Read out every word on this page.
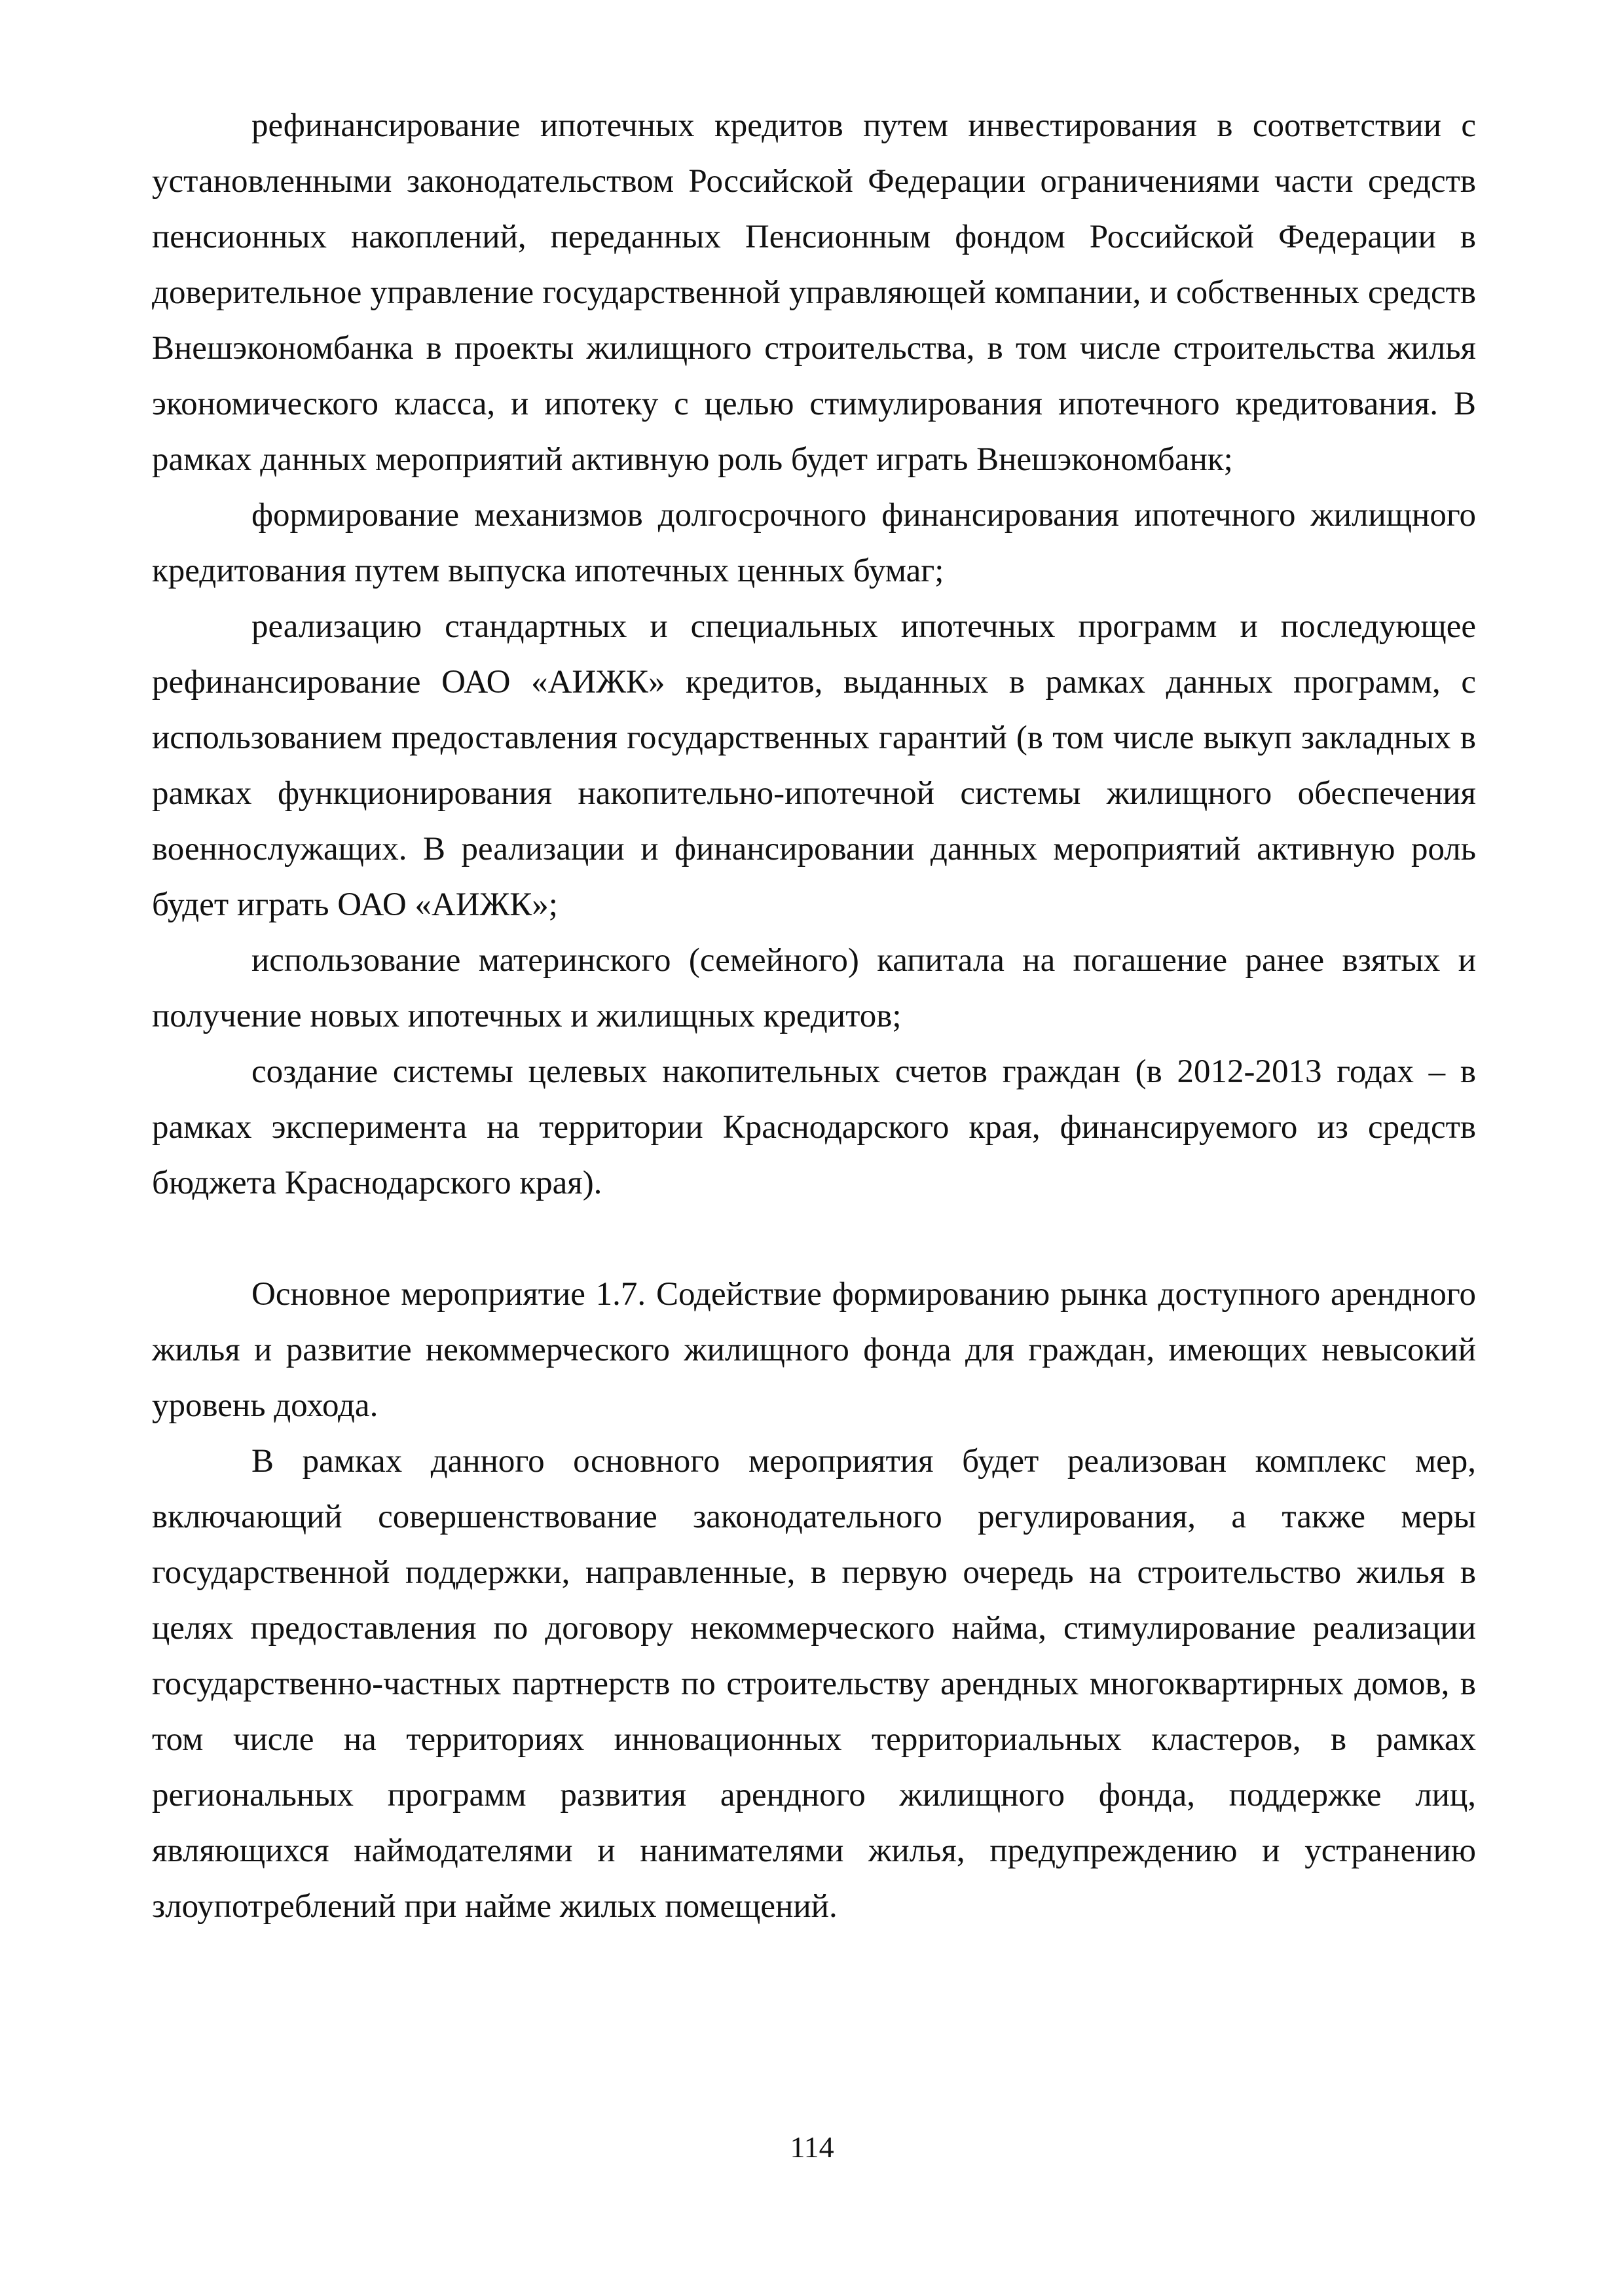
рефинансирование ипотечных кредитов путем инвестирования в соответствии с установленными законодательством Российской Федерации ограничениями части средств пенсионных накоплений, переданных Пенсионным фондом Российской Федерации в доверительное управление государственной управляющей компании, и собственных средств Внешэкономбанка в проекты жилищного строительства, в том числе строительства жилья экономического класса, и ипотеку с целью стимулирования ипотечного кредитования. В рамках данных мероприятий активную роль будет играть Внешэкономбанк;

формирование механизмов долгосрочного финансирования ипотечного жилищного кредитования путем выпуска ипотечных ценных бумаг;

реализацию стандартных и специальных ипотечных программ и последующее рефинансирование ОАО «АИЖК» кредитов, выданных в рамках данных программ, с использованием предоставления государственных гарантий (в том числе выкуп закладных в рамках функционирования накопительно-ипотечной системы жилищного обеспечения военнослужащих. В реализации и финансировании данных мероприятий активную роль будет играть ОАО «АИЖК»;

использование материнского (семейного) капитала на погашение ранее взятых и получение новых ипотечных и жилищных кредитов;

создание системы целевых накопительных счетов граждан (в 2012-2013 годах – в рамках эксперимента на территории Краснодарского края, финансируемого из средств бюджета Краснодарского края).

Основное мероприятие 1.7. Содействие формированию рынка доступного арендного жилья и развитие некоммерческого жилищного фонда для граждан, имеющих невысокий уровень дохода.

В рамках данного основного мероприятия будет реализован комплекс мер, включающий совершенствование законодательного регулирования, а также меры государственной поддержки, направленные, в первую очередь на строительство жилья в целях предоставления по договору некоммерческого найма, стимулирование реализации государственно-частных партнерств по строительству арендных многоквартирных домов, в том числе на территориях инновационных территориальных кластеров, в рамках региональных программ развития арендного жилищного фонда, поддержке лиц, являющихся наймодателями и нанимателями жилья, предупреждению и устранению злоупотреблений при найме жилых помещений.

114
